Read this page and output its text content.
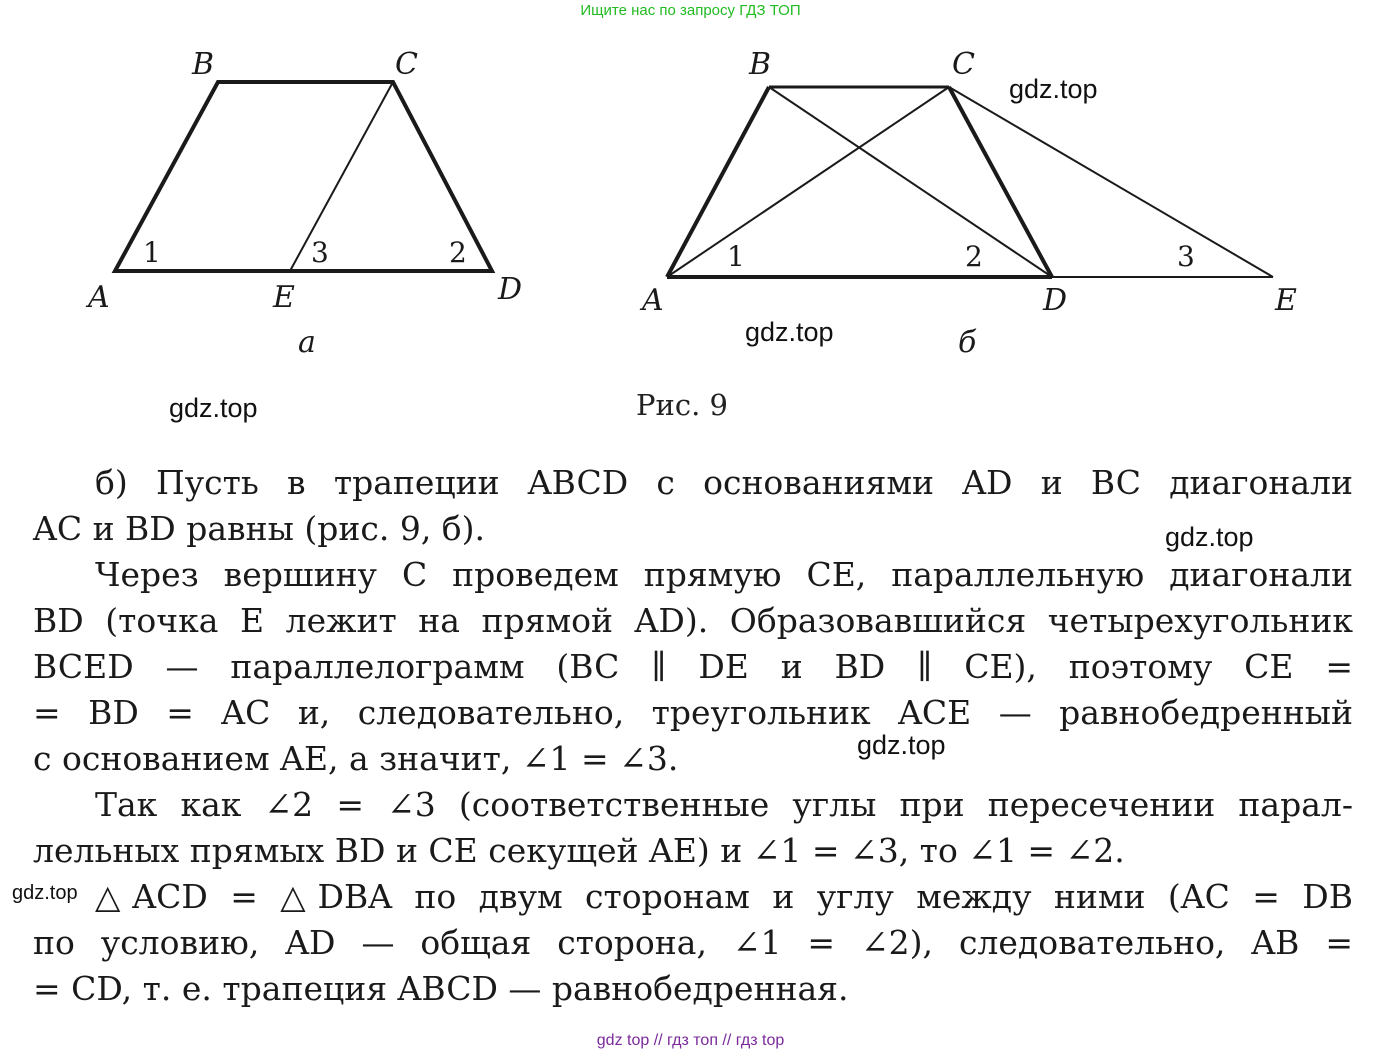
Ищите нас по запросу ГДЗ ТОП
B	C
A	E	D
1	3	2
а
B	C
A	D	E
1	2	3
б
Рис. 9
gdz.top
gdz.top
gdz.top
gdz.top
gdz.top
gdz.top
б) Пусть в трапеции ABCD с основаниями AD и BC диагонали
AC и BD равны (рис. 9, б).
Через вершину C проведем прямую CE, параллельную диагонали
BD (точка E лежит на прямой AD). Образовавшийся четырехугольник
BCED — параллелограмм (BC ∥ DE и BD ∥ CE), поэтому CE =
= BD = AC и, следовательно, треугольник ACE — равнобедренный
с основанием AE, а значит, ∠1 = ∠3.
Так как ∠2 = ∠3 (соответственные углы при пересечении парал-
лельных прямых BD и CE секущей AE) и ∠1 = ∠3, то ∠1 = ∠2.
△ACD = △DBA по двум сторонам и углу между ними (AC = DB
по условию, AD — общая сторона, ∠1 = ∠2), следовательно, AB =
= CD, т. е. трапеция ABCD — равнобедренная.
gdz top // гдз топ // гдз top
